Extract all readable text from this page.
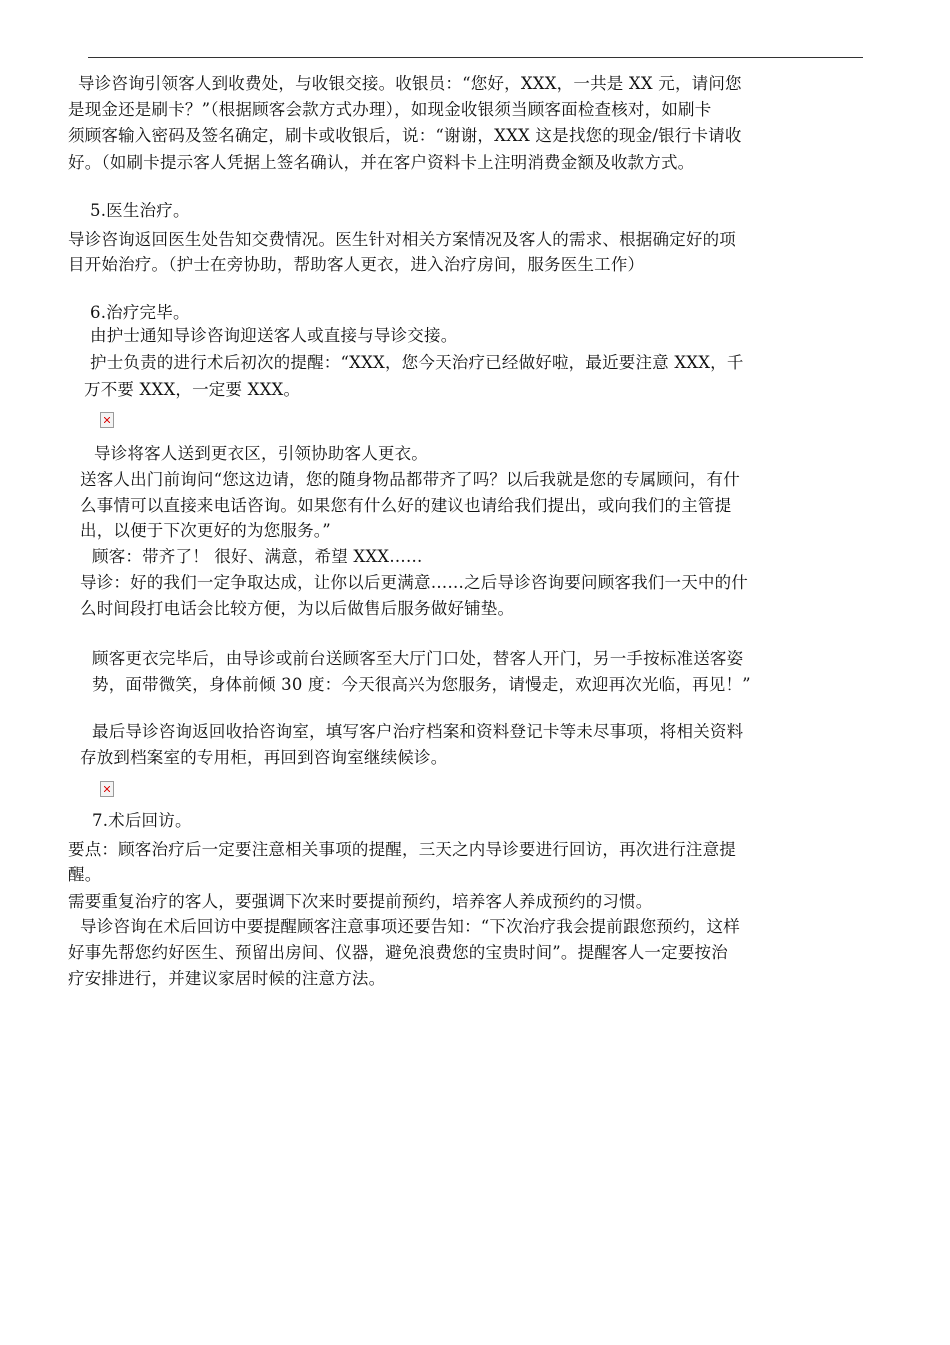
导诊咨询引领客人到收费处，与收银交接。收银员：“您好，XXX，一共是 XX 元，请问您
是现金还是刷卡？”（根据顾客会款方式办理），如现金收银须当顾客面检查核对，如刷卡
须顾客输入密码及签名确定，刷卡或收银后，说：“谢谢，XXX 这是找您的现金/银行卡请收
好。（如刷卡提示客人凭据上签名确认，并在客户资料卡上注明消费金额及收款方式。
5.医生治疗。
导诊咨询返回医生处告知交费情况。医生针对相关方案情况及客人的需求、根据确定好的项
目开始治疗。（护士在旁协助，帮助客人更衣，进入治疗房间，服务医生工作）
6.治疗完毕。
由护士通知导诊咨询迎送客人或直接与导诊交接。
护士负责的进行术后初次的提醒：“XXX，您今天治疗已经做好啦，最近要注意 XXX，千
万不要 XXX，一定要 XXX。
导诊将客人送到更衣区，引领协助客人更衣。
送客人出门前询问“您这边请，您的随身物品都带齐了吗？以后我就是您的专属顾问，有什
么事情可以直接来电话咨询。如果您有什么好的建议也请给我们提出，或向我们的主管提
出，以便于下次更好的为您服务。”
顾客：带齐了！ 很好、满意，希望 XXX……
导诊：好的我们一定争取达成，让你以后更满意……之后导诊咨询要问顾客我们一天中的什
么时间段打电话会比较方便，为以后做售后服务做好铺垫。
顾客更衣完毕后，由导诊或前台送顾客至大厅门口处，替客人开门，另一手按标准送客姿
势，面带微笑，身体前倾 30 度：今天很高兴为您服务，请慢走，欢迎再次光临，再见！”
最后导诊咨询返回收拾咨询室，填写客户治疗档案和资料登记卡等未尽事项，将相关资料
存放到档案室的专用柜，再回到咨询室继续候诊。
7.术后回访。
要点：顾客治疗后一定要注意相关事项的提醒，三天之内导诊要进行回访，再次进行注意提
醒。
需要重复治疗的客人，要强调下次来时要提前预约，培养客人养成预约的习惯。
导诊咨询在术后回访中要提醒顾客注意事项还要告知：“下次治疗我会提前跟您预约，这样
好事先帮您约好医生、预留出房间、仪器，避免浪费您的宝贵时间”。提醒客人一定要按治
疗安排进行，并建议家居时候的注意方法。
